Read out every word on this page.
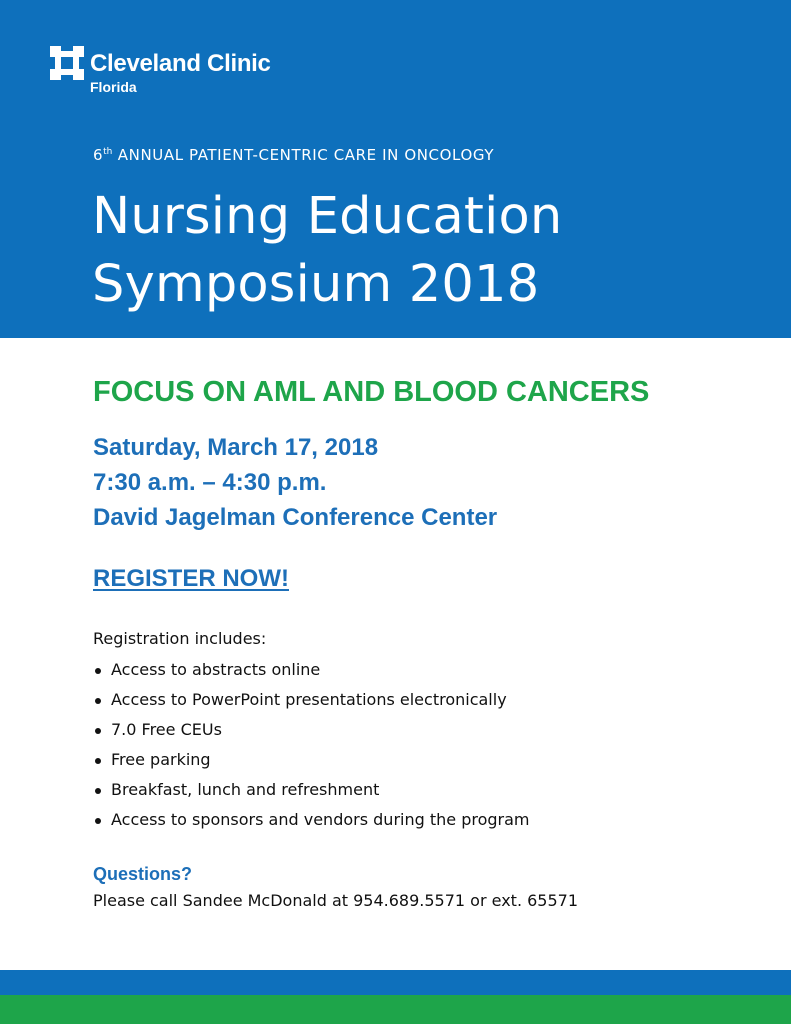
Cleveland Clinic
Florida
6th ANNUAL PATIENT-CENTRIC CARE IN ONCOLOGY
Nursing Education
Symposium 2018
FOCUS ON AML AND BLOOD CANCERS
Saturday, March 17, 2018
7:30 a.m. – 4:30 p.m.
David Jagelman Conference Center
REGISTER NOW!
Registration includes:
Access to abstracts online
Access to PowerPoint presentations electronically
7.0 Free CEUs
Free parking
Breakfast, lunch and refreshment
Access to sponsors and vendors during the program
Questions?
Please call Sandee McDonald at 954.689.5571 or ext. 65571
